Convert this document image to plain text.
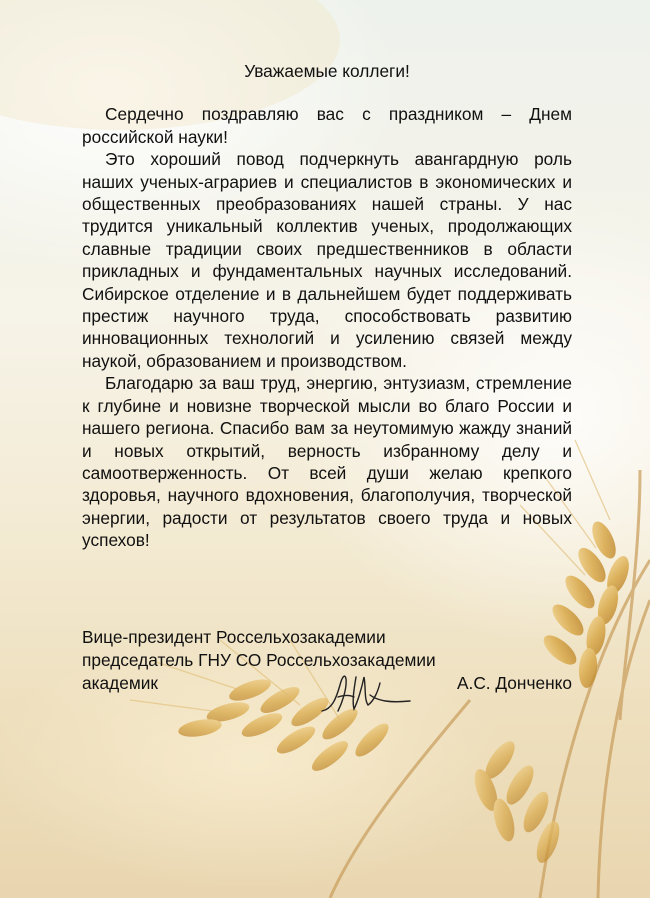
Уважаемые коллеги!

Сердечно поздравляю вас с праздником – Днем российской науки!

Это хороший повод подчеркнуть авангардную роль наших ученых-аграриев и специалистов в экономических и общественных преобразованиях нашей страны. У нас трудится уникальный коллектив ученых, продолжающих славные традиции своих предшественников в области прикладных и фундаментальных научных исследований. Сибирское отделение и в дальнейшем будет поддерживать престиж научного труда, способствовать развитию инновационных технологий и усилению связей между наукой, образованием и производством.

Благодарю за ваш труд, энергию, энтузиазм, стремление к глубине и новизне творческой мысли во благо России и нашего региона. Спасибо вам за неутомимую жажду знаний и новых открытий, верность избранному делу и самоотверженность. От всей души желаю крепкого здоровья, научного вдохновения, благополучия, творческой энергии, радости от результатов своего труда и новых успехов!

Вице-президент Россельхозакадемии
председатель ГНУ СО Россельхозакадемии
академик	А.С. Донченко
